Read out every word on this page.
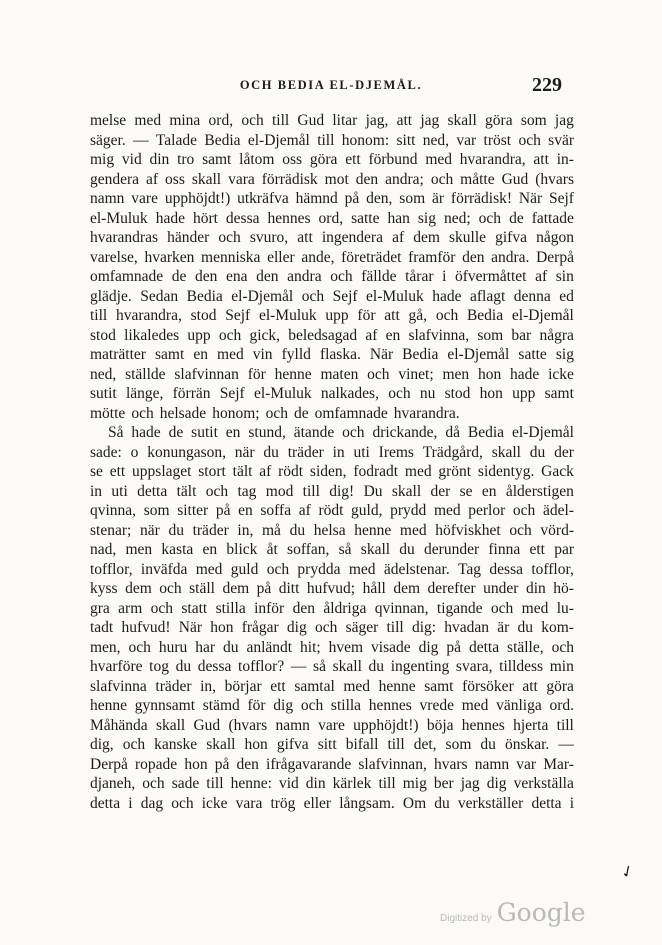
OCH BEDIA EL-DJEMÅL.	229
melse med mina ord, och till Gud litar jag, att jag skall göra som jag
säger. — Talade Bedia el-Djemål till honom: sitt ned, var tröst och svär
mig vid din tro samt låtom oss göra ett förbund med hvarandra, att in-
gendera af oss skall vara förrädisk mot den andra; och måtte Gud (hvars
namn vare upphöjdt!) utkräfva hämnd på den, som är förrädisk! När Sejf
el-Muluk hade hört dessa hennes ord, satte han sig ned; och de fattade
hvarandras händer och svuro, att ingendera af dem skulle gifva någon
varelse, hvarken menniska eller ande, företrädet framför den andra. Derpå
omfamnade de den ena den andra och fällde tårar i öfvermåttet af sin
glädje. Sedan Bedia el-Djemål och Sejf el-Muluk hade aflagt denna ed
till hvarandra, stod Sejf el-Muluk upp för att gå, och Bedia el-Djemål
stod likaledes upp och gick, beledsagad af en slafvinna, som bar några
maträtter samt en med vin fylld flaska. När Bedia el-Djemål satte sig
ned, ställde slafvinnan för henne maten och vinet; men hon hade icke
sutit länge, förrän Sejf el-Muluk nalkades, och nu stod hon upp samt
mötte och helsade honom; och de omfamnade hvarandra.
Så hade de sutit en stund, ätande och drickande, då Bedia el-Djemål
sade: o konungason, när du träder in uti Irems Trädgård, skall du der
se ett uppslaget stort tält af rödt siden, fodradt med grönt sidentyg. Gack
in uti detta tält och tag mod till dig! Du skall der se en ålderstigen
qvinna, som sitter på en soffa af rödt guld, prydd med perlor och ädel-
stenar; när du träder in, må du helsa henne med höfviskhet och vörd-
nad, men kasta en blick åt soffan, så skall du derunder finna ett par
tofflor, inväfda med guld och prydda med ädelstenar. Tag dessa tofflor,
kyss dem och ställ dem på ditt hufvud; håll dem derefter under din hö-
gra arm och statt stilla inför den åldriga qvinnan, tigande och med lu-
tadt hufvud! När hon frågar dig och säger till dig: hvadan är du kom-
men, och huru har du anländt hit; hvem visade dig på detta ställe, och
hvarföre tog du dessa tofflor? — så skall du ingenting svara, tilldess min
slafvinna träder in, börjar ett samtal med henne samt försöker att göra
henne gynnsamt stämd för dig och stilla hennes vrede med vänliga ord.
Måhända skall Gud (hvars namn vare upphöjdt!) böja hennes hjerta till
dig, och kanske skall hon gifva sitt bifall till det, som du önskar. —
Derpå ropade hon på den ifrågavarande slafvinnan, hvars namn var Mar-
djaneh, och sade till henne: vid din kärlek till mig ber jag dig verkställa
detta i dag och icke vara trög eller långsam. Om du verkställer detta i
✓
Digitized by Google
